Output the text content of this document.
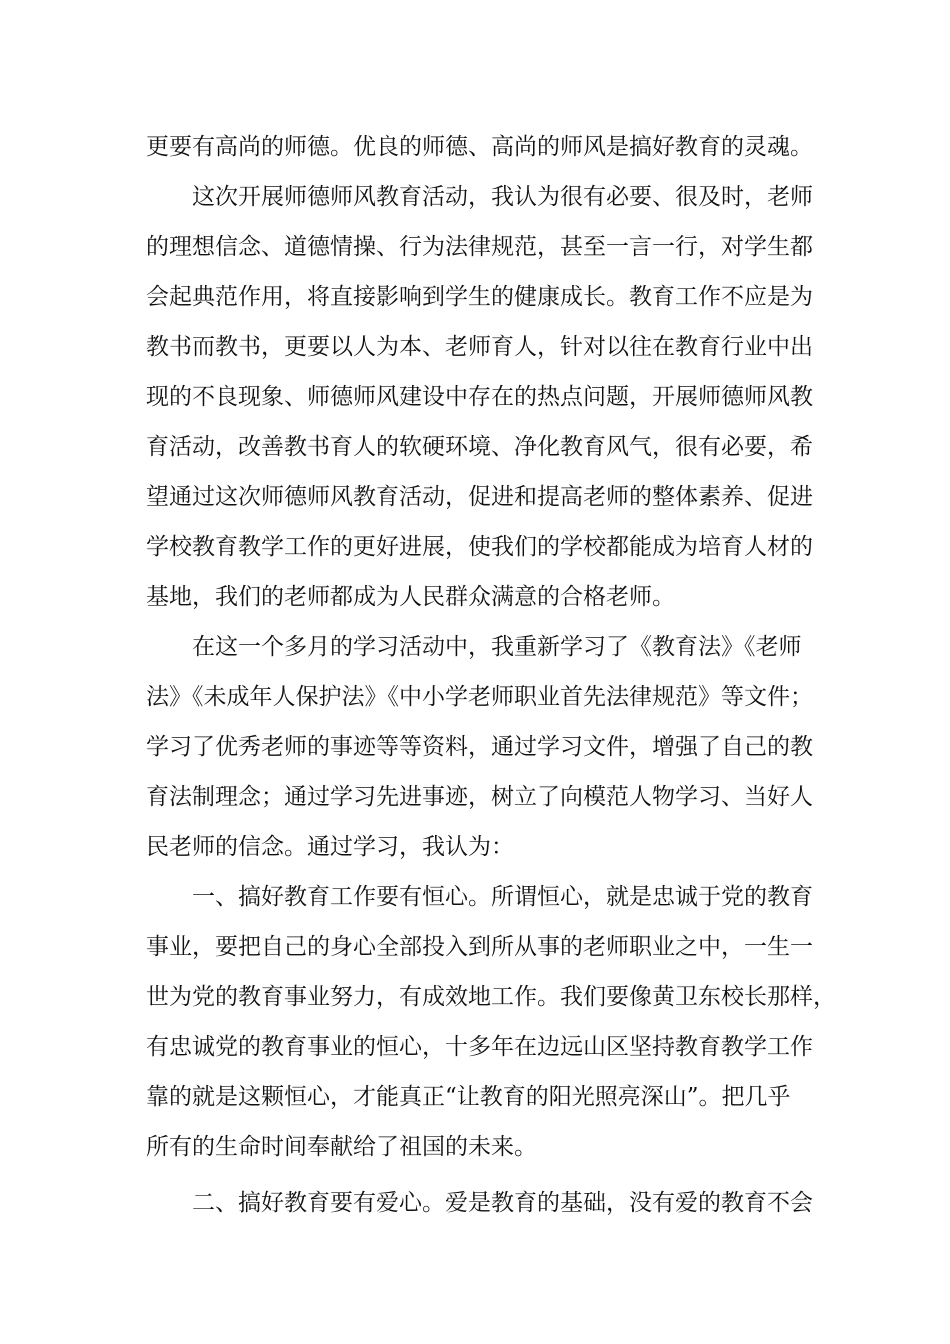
更要有高尚的师德。优良的师德、高尚的师风是搞好教育的灵魂。
这次开展师德师风教育活动，我认为很有必要、很及时，老师
的理想信念、道德情操、行为法律规范，甚至一言一行，对学生都
会起典范作用，将直接影响到学生的健康成长。教育工作不应是为
教书而教书，更要以人为本、老师育人，针对以往在教育行业中出
现的不良现象、师德师风建设中存在的热点问题，开展师德师风教
育活动，改善教书育人的软硬环境、净化教育风气，很有必要，希
望通过这次师德师风教育活动，促进和提高老师的整体素养、促进
学校教育教学工作的更好进展，使我们的学校都能成为培育人材的
基地，我们的老师都成为人民群众满意的合格老师。
在这一个多月的学习活动中，我重新学习了《教育法》《老师
法》《未成年人保护法》《中小学老师职业首先法律规范》等文件；
学习了优秀老师的事迹等等资料，通过学习文件，增强了自己的教
育法制理念；通过学习先进事迹，树立了向模范人物学习、当好人
民老师的信念。通过学习，我认为：
一、搞好教育工作要有恒心。所谓恒心，就是忠诚于党的教育
事业，要把自己的身心全部投入到所从事的老师职业之中，一生一
世为党的教育事业努力，有成效地工作。我们要像黄卫东校长那样，
有忠诚党的教育事业的恒心，十多年在边远山区坚持教育教学工作
靠的就是这颗恒心，才能真正“让教育的阳光照亮深山”。把几乎
所有的生命时间奉献给了祖国的未来。
二、搞好教育要有爱心。爱是教育的基础，没有爱的教育不会
